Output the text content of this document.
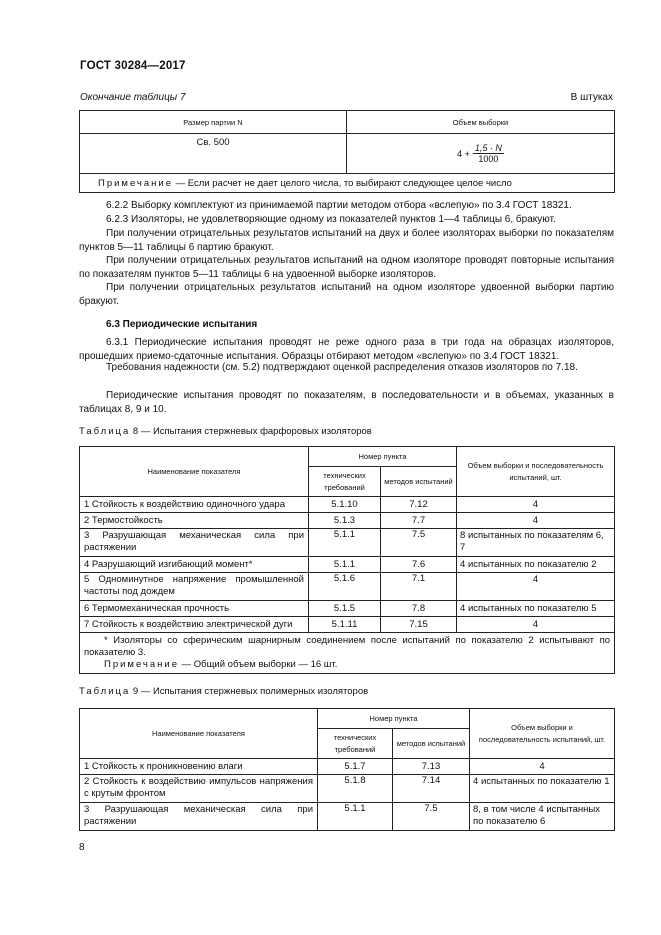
ГОСТ 30284—2017
Окончание таблицы 7	В штуках
Размер партии N	Объем выборки
Св. 500	$4 + \frac{1,5 \cdot N}{1000}$

Примечание — Если расчет не дает целого числа, то выбирают следующее целое число	

6.2.2 Выборку комплектуют из принимаемой партии методом отбора «вслепую» по 3.4 ГОСТ 18321.

6.2.3 Изоляторы, не удовлетворяющие одному из показателей пунктов 1—4 таблицы 6, бракуют.

При получении отрицательных результатов испытаний на двух и более изоляторах выборки по показателям пунктов 5—11 таблицы 6 партию бракуют.

При получении отрицательных результатов испытаний на одном изоляторе проводят повторные испытания по показателям пунктов 5—11 таблицы 6 на удвоенной выборке изоляторов.

При получении отрицательных результатов испытаний на одном изоляторе удвоенной выборки партию бракуют.

6.3 Периодические испытания

6.3.1 Периодические испытания проводят не реже одного раза в три года на образцах изоляторов, прошедших приемо-сдаточные испытания. Образцы отбирают методом «вслепую» по 3.4 ГОСТ 18321.

Требования надежности (см. 5.2) подтверждают оценкой распределения отказов изоляторов по 7.18.

Периодические испытания проводят по показателям, в последовательности и в объемах, указанных в таблицах 8, 9 и 10.

Таблица 8 — Испытания стержневых фарфоровых изоляторов
Наименование показателя	Номер пункта		Объем выборки и последовательность испытаний, шт.
	технических требований	методов испытаний	
1 Стойкость к воздействию одиночного удара	5.1.10	7.12	4
2 Термостойкость	5.1.3	7.7	4
3 Разрушающая механическая сила при растяжении	5.1.1	7.5	8 испытанных по показателям 6, 7
4 Разрушающий изгибающий момент*	5.1.1	7.6	4 испытанных по показателю 2
5 Одноминутное напряжение промышленной частоты под дождем	5.1.6	7.1	4
6 Термомеханическая прочность	5.1.5	7.8	4 испытанных по показателю 5
7 Стойкость к воздействию электрической дуги	5.1.11	7.15	4

* Изоляторы со сферическим шарнирным соединением после испытаний по показателю 2 испытывают по показателю 3.
Примечание — Общий объем выборки — 16 шт.			
Таблица 9 — Испытания стержневых полимерных изоляторов
Наименование показателя	Номер пункта		Объем выборки и последовательность испытаний, шт.
	технических требований	методов испытаний	
1 Стойкость к проникновению влаги	5.1.7	7.13	4
2 Стойкость к воздействию импульсов напряжения с крутым фронтом	5.1.8	7.14	4 испытанных по показателю 1
3 Разрушающая механическая сила при растяжении	5.1.1	7.5	8, в том числе 4 испытанных по показателю 6
8
